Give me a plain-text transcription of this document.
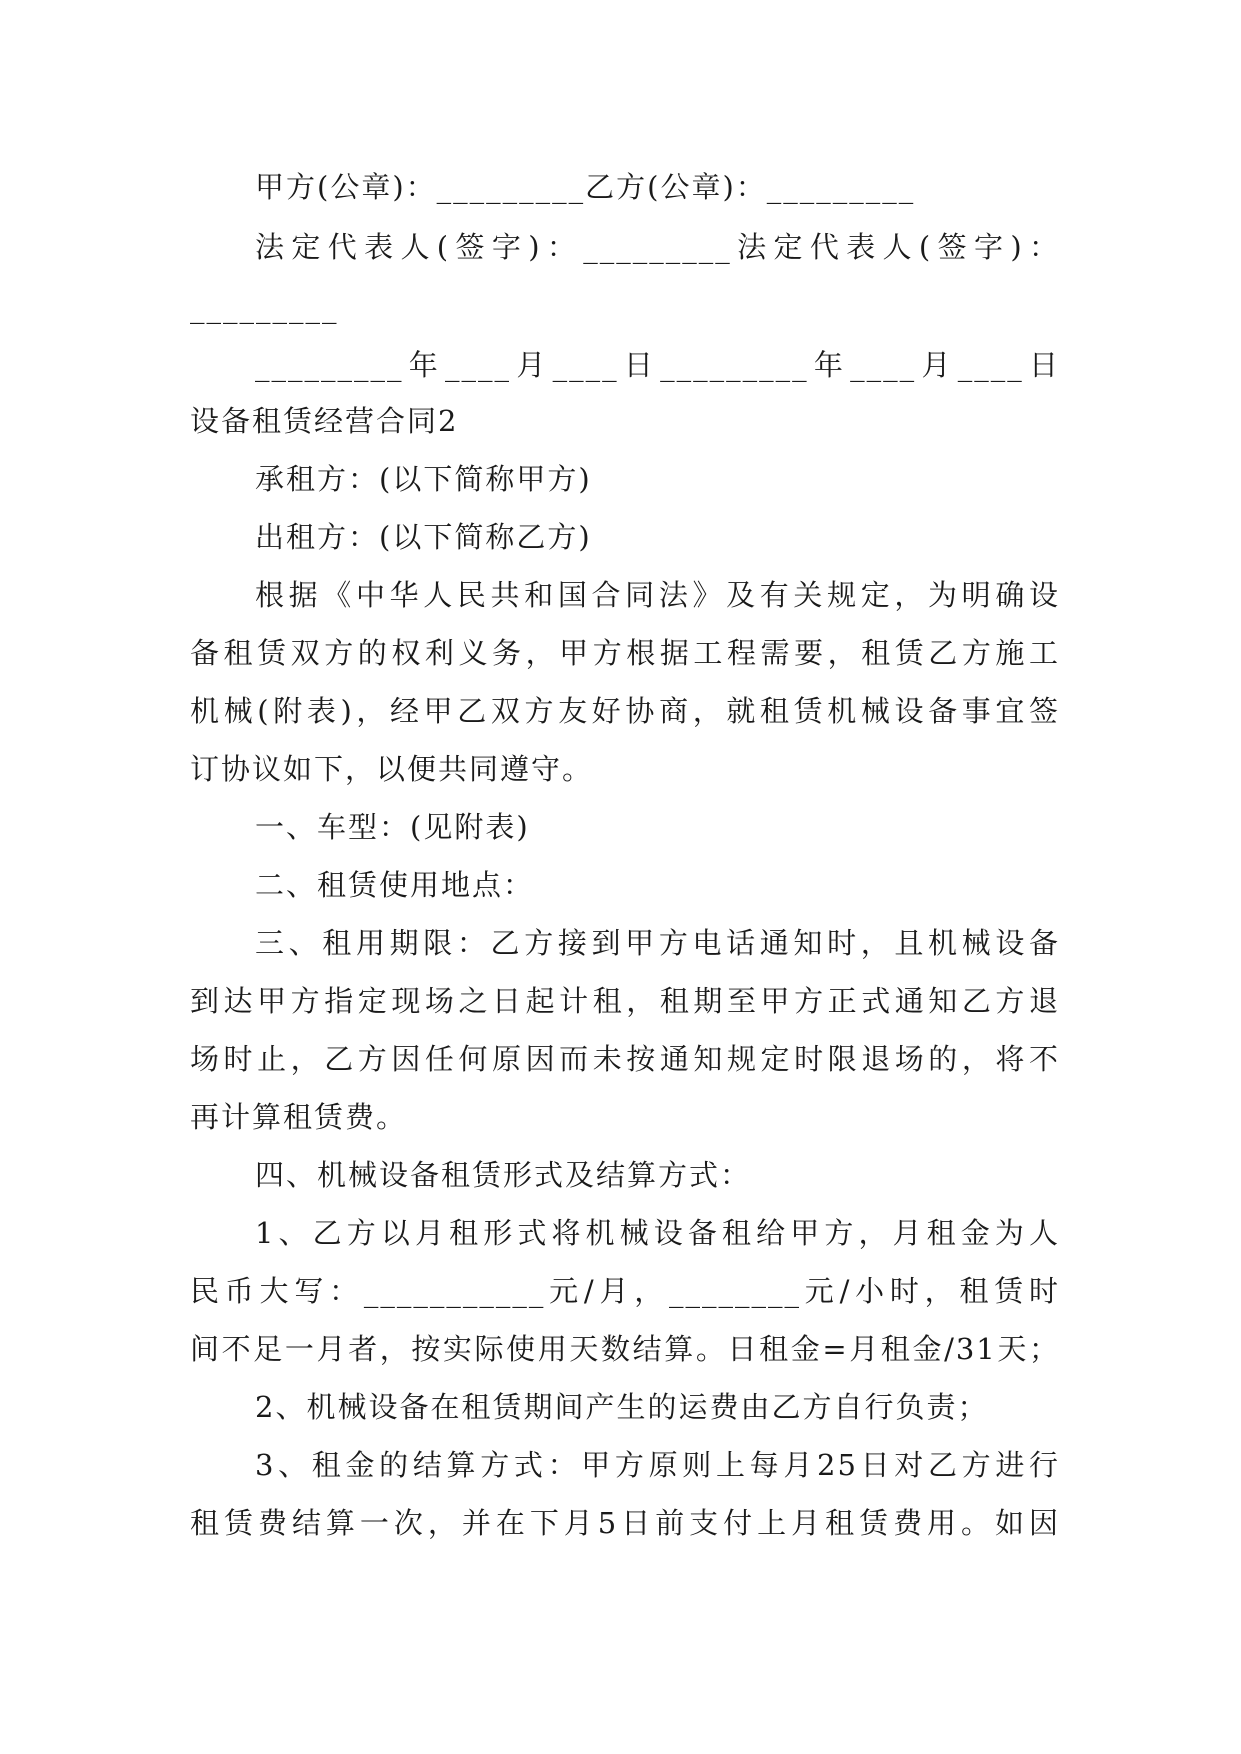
甲方(公章)：_________乙方(公章)：_________
法定代表人(签字)：_________法定代表人(签字)：
_________
_________年____月____日_________年____月____日
设备租赁经营合同2
承租方：(以下简称甲方)
出租方：(以下简称乙方)
根据《中华人民共和国合同法》及有关规定，为明确设
备租赁双方的权利义务，甲方根据工程需要，租赁乙方施工
机械(附表)，经甲乙双方友好协商，就租赁机械设备事宜签
订协议如下，以便共同遵守。
一、车型：(见附表)
二、租赁使用地点：
三、租用期限：乙方接到甲方电话通知时，且机械设备
到达甲方指定现场之日起计租，租期至甲方正式通知乙方退
场时止，乙方因任何原因而未按通知规定时限退场的，将不
再计算租赁费。
四、机械设备租赁形式及结算方式：
1、乙方以月租形式将机械设备租给甲方，月租金为人
民币大写：___________元/月，________元/小时，租赁时
间不足一月者，按实际使用天数结算。日租金=月租金/31天；
2、机械设备在租赁期间产生的运费由乙方自行负责；
3、租金的结算方式：甲方原则上每月25日对乙方进行
租赁费结算一次，并在下月5日前支付上月租赁费用。如因
